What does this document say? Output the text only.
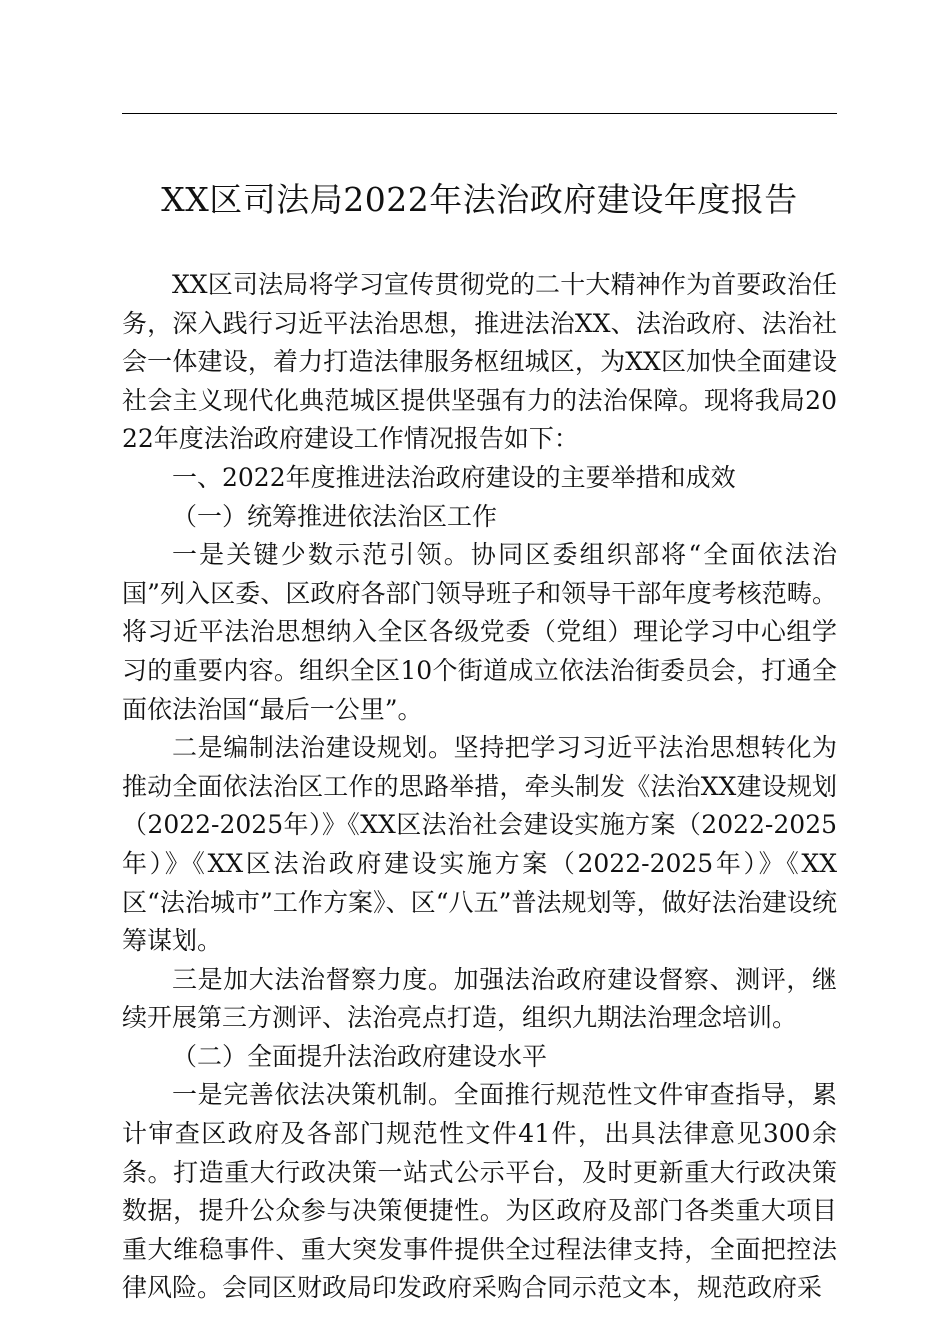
XX区司法局2022年法治政府建设年度报告

XX区司法局将学习宣传贯彻党的二十大精神作为首要政治任务，深入践行习近平法治思想，推进法治XX、法治政府、法治社会一体建设，着力打造法律服务枢纽城区，为XX区加快全面建设社会主义现代化典范城区提供坚强有力的法治保障。现将我局2022年度法治政府建设工作情况报告如下：

一、2022年度推进法治政府建设的主要举措和成效

（一）统筹推进依法治区工作

一是关键少数示范引领。协同区委组织部将“全面依法治国”列入区委、区政府各部门领导班子和领导干部年度考核范畴。将习近平法治思想纳入全区各级党委（党组）理论学习中心组学习的重要内容。组织全区10个街道成立依法治街委员会，打通全面依法治国“最后一公里”。

二是编制法治建设规划。坚持把学习习近平法治思想转化为推动全面依法治区工作的思路举措，牵头制发《法治XX建设规划（2022-2025年）》《XX区法治社会建设实施方案（2022-2025年）》《XX区法治政府建设实施方案（2022-2025年）》《XX区“法治城市”工作方案》、区“八五”普法规划等，做好法治建设统筹谋划。

三是加大法治督察力度。加强法治政府建设督察、测评，继续开展第三方测评、法治亮点打造，组织九期法治理念培训。

（二）全面提升法治政府建设水平

一是完善依法决策机制。全面推行规范性文件审查指导，累计审查区政府及各部门规范性文件41件，出具法律意见300余条。打造重大行政决策一站式公示平台，及时更新重大行政决策数据，提升公众参与决策便捷性。为区政府及部门各类重大项目重大维稳事件、重大突发事件提供全过程法律支持，全面把控法律风险。会同区财政局印发政府采购合同示范文本，规范政府采
